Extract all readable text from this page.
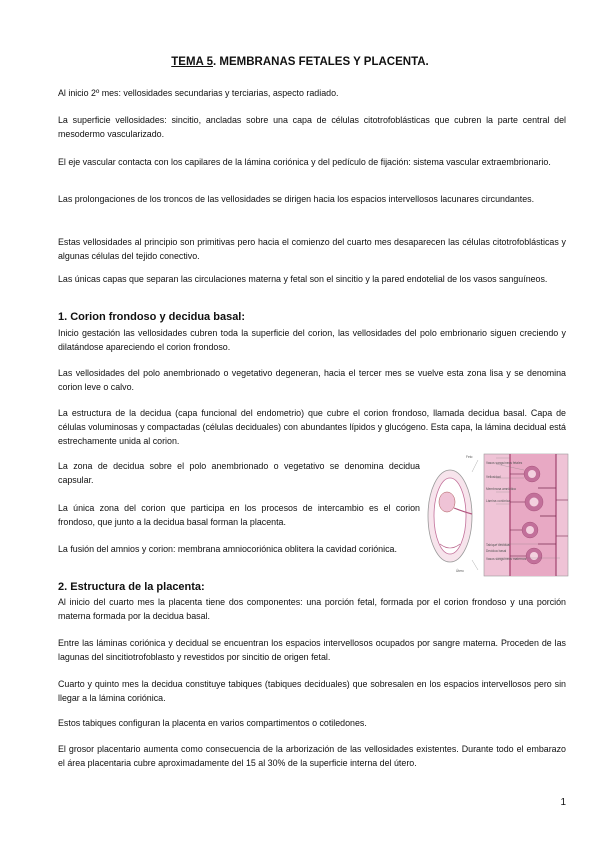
TEMA 5. MEMBRANAS FETALES Y PLACENTA.

Al inicio 2º mes: vellosidades secundarias y terciarias, aspecto radiado.

La superficie vellosidades: sincitio, ancladas sobre una capa de células citotrofoblásticas que cubren la parte central del mesodermo vascularizado.

El eje vascular contacta con los capilares de la lámina coriónica y del pedículo de fijación: sistema vascular extraembrionario.

Las prolongaciones de los troncos de las vellosidades se dirigen hacia los espacios intervellosos lacunares circundantes.

Estas vellosidades al principio son primitivas pero hacia el comienzo del cuarto mes desaparecen las células citotrofoblásticas y algunas células del tejido conectivo.

Las únicas capas que separan las circulaciones materna y fetal son el sincitio y la pared endotelial de los vasos sanguíneos.

1. Corion frondoso y decidua basal:

Inicio gestación las vellosidades cubren toda la superficie del corion, las vellosidades del polo embrionario siguen creciendo y dilatándose apareciendo el corion frondoso.

Las vellosidades del polo anembrionado o vegetativo degeneran, hacia el tercer mes se vuelve esta zona lisa y se denomina corion leve o calvo.

La estructura de la decidua (capa funcional del endometrio) que cubre el corion frondoso, llamada decidua basal. Capa de células voluminosas y compactadas (células deciduales) con abundantes lípidos y glucógeno. Esta capa, la lámina decidual está estrechamente unida al corion.

La zona de decidua sobre el polo anembrionado o vegetativo se denomina decidua capsular.

La única zona del corion que participa en los procesos de intercambio es el corion frondoso, que junto a la decidua basal forman la placenta.

La fusión del amnios y corion: membrana amniocoriónica oblitera la cavidad coriónica.

Feto
Vasos sanguíneos fetales
Vellosidad
Membrana amniótica
Lámina coriónica
Útero
Tabique decidual
Vasos sanguíneos maternos
Decidua basal
2. Estructura de la placenta:

Al inicio del cuarto mes la placenta tiene dos componentes: una porción fetal, formada por el corion frondoso y una porción materna formada por la decidua basal.

Entre las láminas coriónica y decidual se encuentran los espacios intervellosos ocupados por sangre materna. Proceden de las lagunas del sincitiotrofoblasto y revestidos por sincitio de origen fetal.

Cuarto y quinto mes la decidua constituye tabiques (tabiques deciduales) que sobresalen en los espacios intervellosos pero sin llegar a la lámina coriónica.

Estos tabiques configuran la placenta en varios compartimentos o cotiledones.

El grosor placentario aumenta como consecuencia de la arborización de las vellosidades existentes. Durante todo el embarazo el área placentaria cubre aproximadamente del 15 al 30% de la superficie interna del útero.

1
